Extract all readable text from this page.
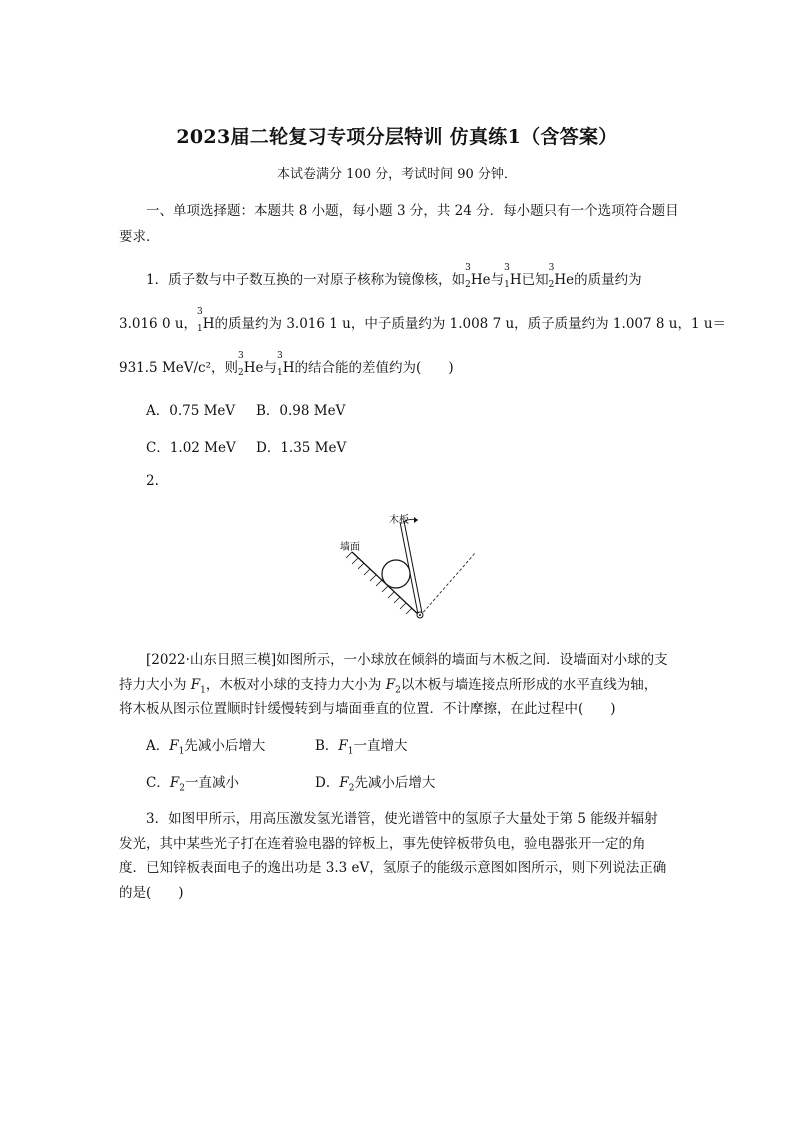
2023届二轮复习专项分层特训 仿真练1（含答案）
本试卷满分 100 分，考试时间 90 分钟．
一、单项选择题：本题共 8 小题，每小题 3 分，共 24 分．每小题只有一个选项符合题目要求．
1．质子数与中子数互换的一对原子核称为镜像核，如
3
$_2$He与
3
$_1$H已知
3
$_2$He的质量约为
3.016 0 u，
3
$_1$H的质量约为 3.016 1 u，中子质量约为 1.008 7 u，质子质量约为 1.007 8 u，1 u＝
931.5 MeV/c²，则
3
$_2$He与
3
$_1$H的结合能的差值约为(　　)
A．0.75 MeV B．0.98 MeV
C．1.02 MeV D．1.35 MeV
2.
木板
墙面
[2022·山东日照三模]如图所示，一小球放在倾斜的墙面与木板之间．设墙面对小球的支
持力大小为 $F_1$，木板对小球的支持力大小为 $F_2$以木板与墙连接点所形成的水平直线为轴，
将木板从图示位置顺时针缓慢转到与墙面垂直的位置．不计摩擦，在此过程中(　　)
A．$F_1$先减小后增大	B．$F_1$一直增大
C．$F_2$一直减小	D．$F_2$先减小后增大
3．如图甲所示，用高压激发氢光谱管，使光谱管中的氢原子大量处于第 5 能级并辐射
发光，其中某些光子打在连着验电器的锌板上，事先使锌板带负电，验电器张开一定的角
度．已知锌板表面电子的逸出功是 3.3 eV，氢原子的能级示意图如图所示，则下列说法正确
的是(　　)
